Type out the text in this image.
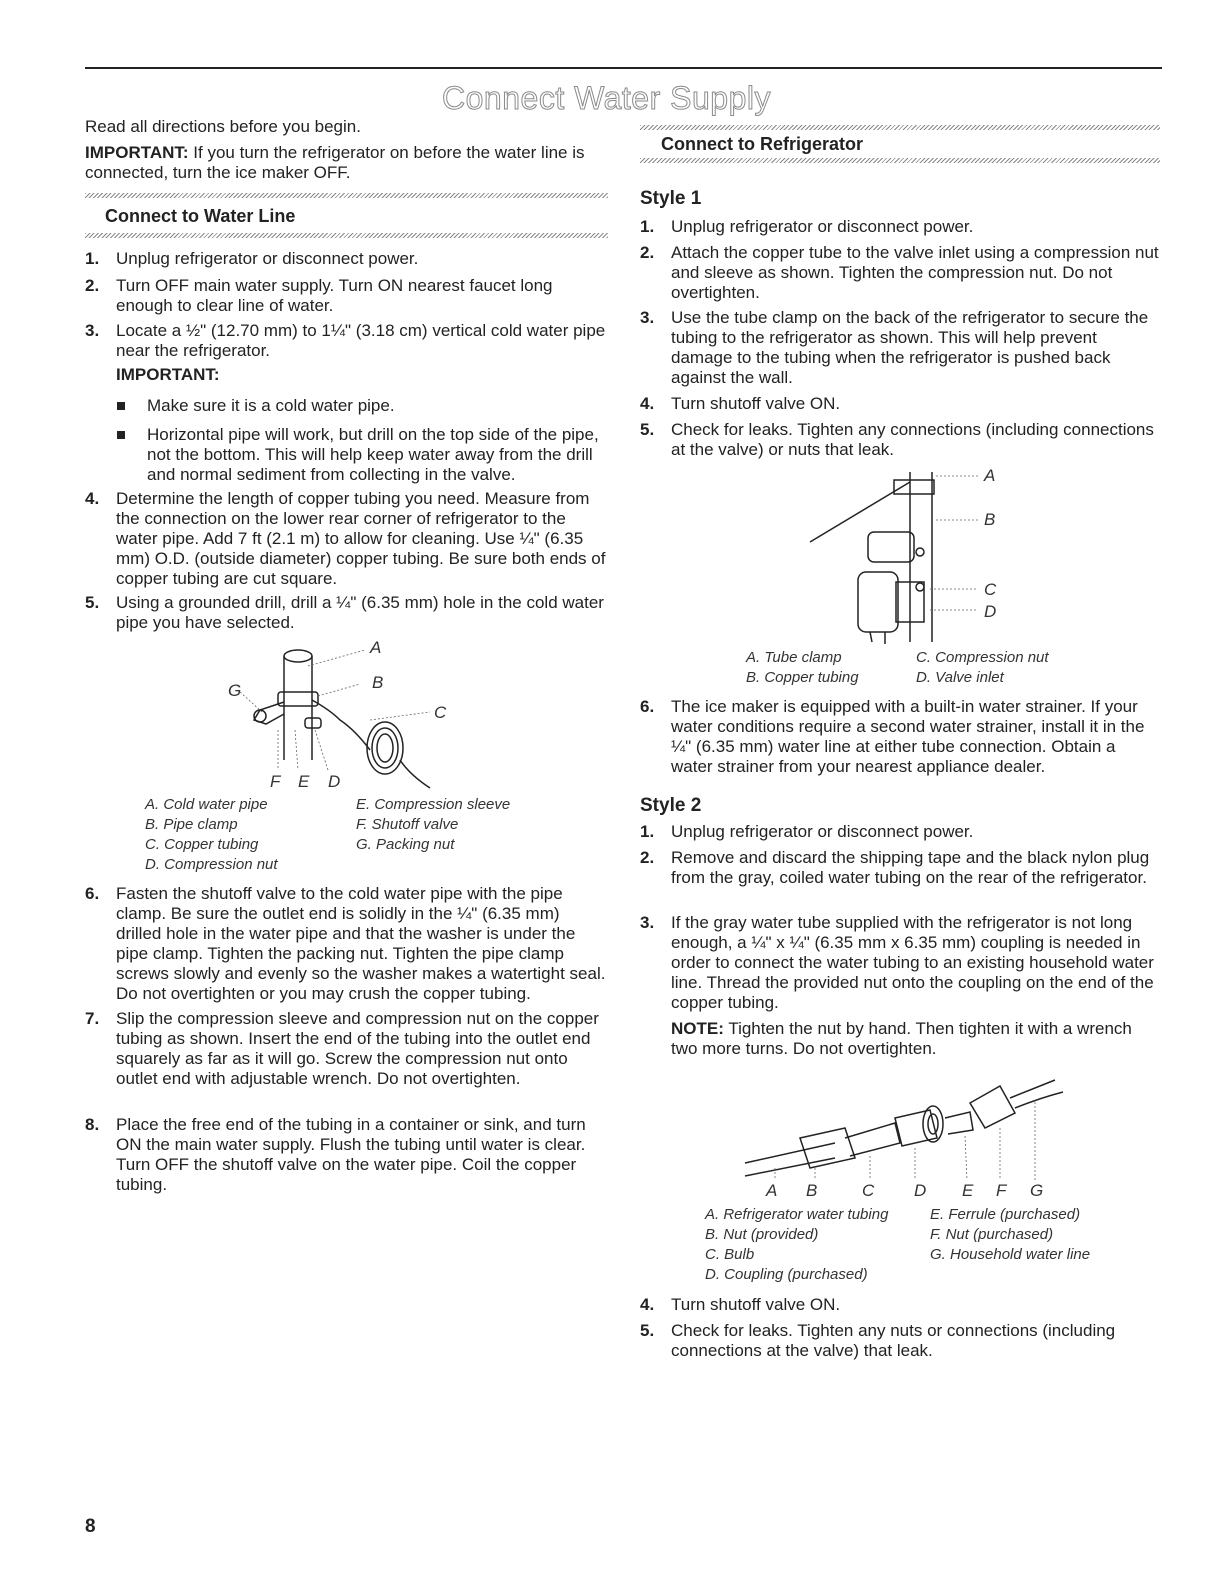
Connect Water Supply

Read all directions before you begin.

IMPORTANT: If you turn the refrigerator on before the water line is connected, turn the ice maker OFF.

Connect to Water Line
1. Unplug refrigerator or disconnect power.
2. Turn OFF main water supply. Turn ON nearest faucet long enough to clear line of water.
3. Locate a ½" (12.70 mm) to 1¼" (3.18 cm) vertical cold water pipe near the refrigerator.
IMPORTANT:
Make sure it is a cold water pipe.
Horizontal pipe will work, but drill on the top side of the pipe, not the bottom. This will help keep water away from the drill and normal sediment from collecting in the valve.
4. Determine the length of copper tubing you need. Measure from the connection on the lower rear corner of refrigerator to the water pipe. Add 7 ft (2.1 m) to allow for cleaning. Use ¼" (6.35 mm) O.D. (outside diameter) copper tubing. Be sure both ends of copper tubing are cut square.
5. Using a grounded drill, drill a ¼" (6.35 mm) hole in the cold water pipe you have selected.
A
B
C
G
F E D
A. Cold water pipe
B. Pipe clamp
C. Copper tubing
D. Compression nut
E. Compression sleeve
F. Shutoff valve
G. Packing nut
6. Fasten the shutoff valve to the cold water pipe with the pipe clamp. Be sure the outlet end is solidly in the ¼" (6.35 mm) drilled hole in the water pipe and that the washer is under the pipe clamp. Tighten the packing nut. Tighten the pipe clamp screws slowly and evenly so the washer makes a watertight seal. Do not overtighten or you may crush the copper tubing.
7. Slip the compression sleeve and compression nut on the copper tubing as shown. Insert the end of the tubing into the outlet end squarely as far as it will go. Screw the compression nut onto outlet end with adjustable wrench. Do not overtighten.
8. Place the free end of the tubing in a container or sink, and turn ON the main water supply. Flush the tubing until water is clear. Turn OFF the shutoff valve on the water pipe. Coil the copper tubing.
Connect to Refrigerator
Style 1
1. Unplug refrigerator or disconnect power.
2. Attach the copper tube to the valve inlet using a compression nut and sleeve as shown. Tighten the compression nut. Do not overtighten.
3. Use the tube clamp on the back of the refrigerator to secure the tubing to the refrigerator as shown. This will help prevent damage to the tubing when the refrigerator is pushed back against the wall.
4. Turn shutoff valve ON.
5. Check for leaks. Tighten any connections (including connections at the valve) or nuts that leak.
A
B
C
D
A. Tube clamp
B. Copper tubing
C. Compression nut
D. Valve inlet
6. The ice maker is equipped with a built-in water strainer. If your water conditions require a second water strainer, install it in the ¼" (6.35 mm) water line at either tube connection. Obtain a water strainer from your nearest appliance dealer.
Style 2
1. Unplug refrigerator or disconnect power.
2. Remove and discard the shipping tape and the black nylon plug from the gray, coiled water tubing on the rear of the refrigerator.
3. If the gray water tube supplied with the refrigerator is not long enough, a ¼" x ¼" (6.35 mm x 6.35 mm) coupling is needed in order to connect the water tubing to an existing household water line. Thread the provided nut onto the coupling on the end of the copper tubing.

NOTE: Tighten the nut by hand. Then tighten it with a wrench two more turns. Do not overtighten.

A B	C D E F G
A. Refrigerator water tubing
B. Nut (provided)
C. Bulb
D. Coupling (purchased)
E. Ferrule (purchased)
F. Nut (purchased)
G. Household water line
4. Turn shutoff valve ON.
5. Check for leaks. Tighten any nuts or connections (including connections at the valve) that leak.
8
